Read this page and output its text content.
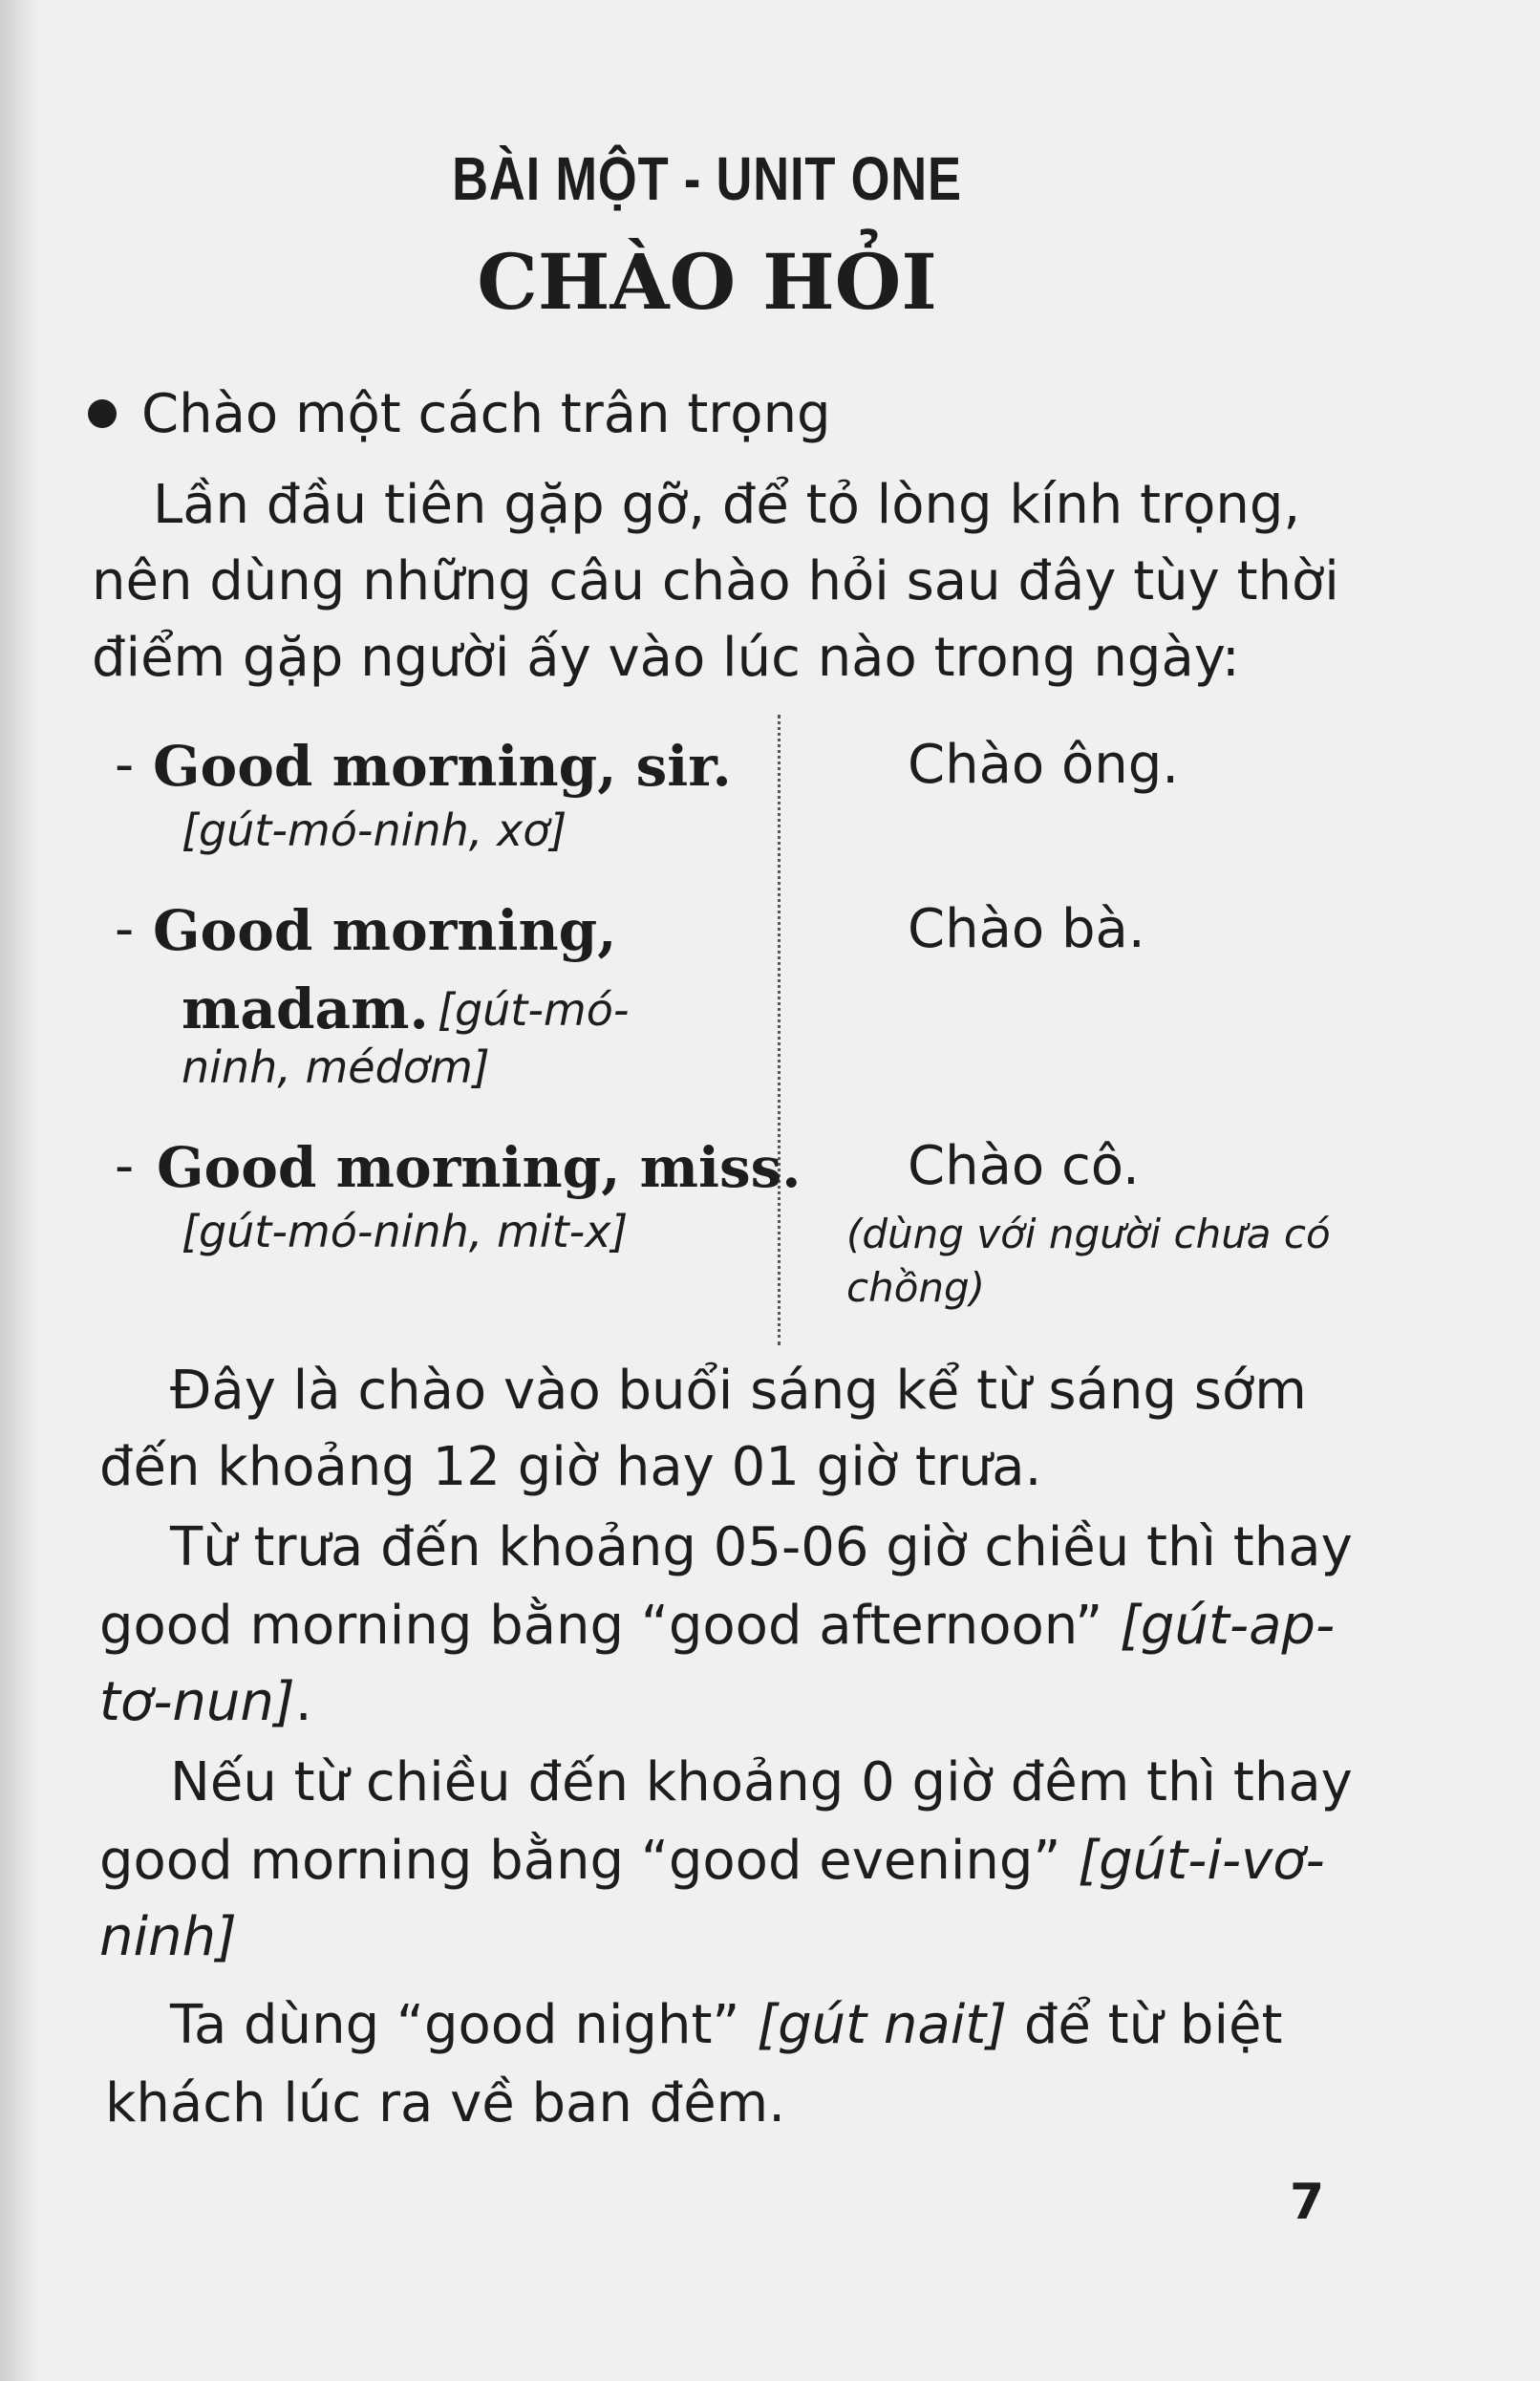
BÀI MỘT - UNIT ONE
CHÀO HỎI
Chào một cách trân trọng
Lần đầu tiên gặp gỡ, để tỏ lòng kính trọng,
nên dùng những câu chào hỏi sau đây tùy thời
điểm gặp người ấy vào lúc nào trong ngày:
- Good morning, sir.
[gút-mó-ninh, xơ]
Chào ông.
- Good morning,
madam. [gút-mó-
ninh, médơm]
Chào bà.
- Good morning, miss.
[gút-mó-ninh, mit-x]
Chào cô.
(dùng với người chưa có chồng)
Đây là chào vào buổi sáng kể từ sáng sớm
đến khoảng 12 giờ hay 01 giờ trưa.
Từ trưa đến khoảng 05-06 giờ chiều thì thay
good morning bằng “good afternoon” [gút-ap-
tơ-nun].
Nếu từ chiều đến khoảng 0 giờ đêm thì thay
good morning bằng “good evening” [gút-i-vơ-
ninh]
Ta dùng “good night” [gút nait] để từ biệt
khách lúc ra về ban đêm.
7
